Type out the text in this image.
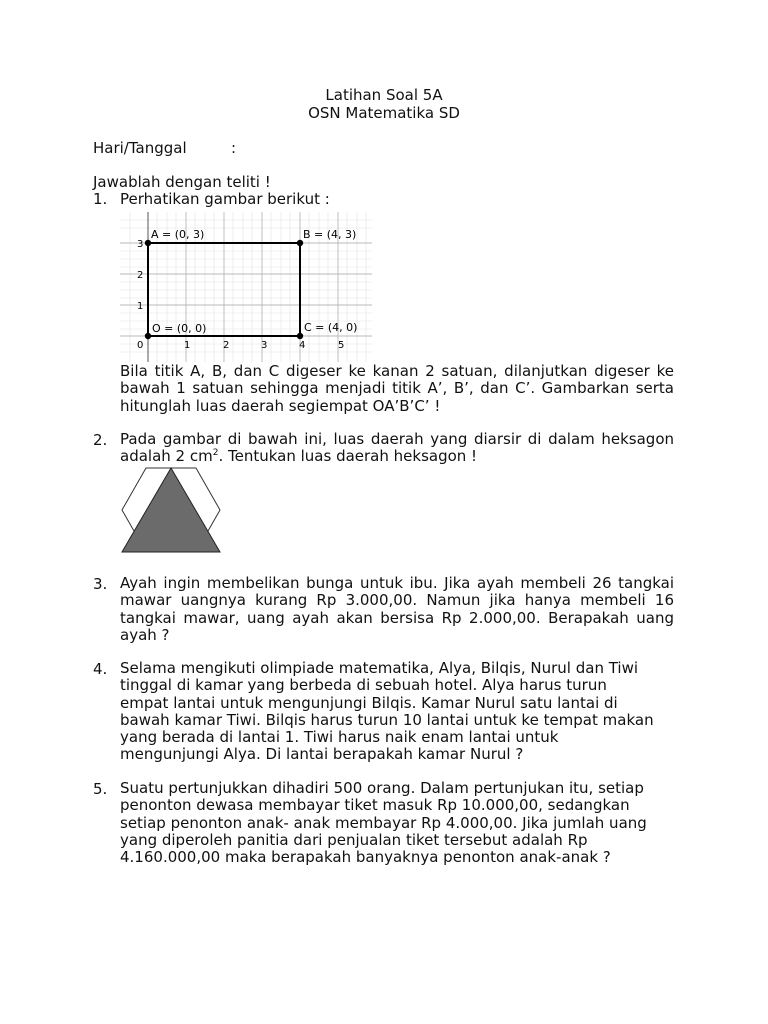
Latihan Soal 5A
OSN Matematika SD
Hari/Tanggal	:
Jawablah dengan teliti !
1. Perhatikan gambar berikut :
A = (0, 3)	B = (4, 3)
C = (4, 0)
O = (0, 0)
3
2
1
0	1	2	3	4	5
Bila titik A, B, dan C digeser ke kanan 2 satuan, dilanjutkan digeser ke bawah 1 satuan sehingga menjadi titik A’, B’, dan C’. Gambarkan serta hitunglah luas daerah segiempat OA’B’C’ !
2. Pada gambar di bawah ini, luas daerah yang diarsir di dalam heksagon adalah 2 $cm^2$. Tentukan luas daerah heksagon !
3. Ayah ingin membelikan bunga untuk ibu. Jika ayah membeli 26 tangkai mawar uangnya kurang Rp 3.000,00. Namun jika hanya membeli 16 tangkai mawar, uang ayah akan bersisa Rp 2.000,00. Berapakah uang ayah ?
4. Selama mengikuti olimpiade matematika, Alya, Bilqis, Nurul dan Tiwi
tinggal di kamar yang berbeda di sebuah hotel. Alya harus turun
empat lantai untuk mengunjungi Bilqis. Kamar Nurul satu lantai di
bawah kamar Tiwi. Bilqis harus turun 10 lantai untuk ke tempat makan
yang berada di lantai 1. Tiwi harus naik enam lantai untuk
mengunjungi Alya. Di lantai berapakah kamar Nurul ?
5. Suatu pertunjukkan dihadiri 500 orang. Dalam pertunjukan itu, setiap
penonton dewasa membayar tiket masuk Rp 10.000,00, sedangkan
setiap penonton anak- anak membayar Rp 4.000,00. Jika jumlah uang
yang diperoleh panitia dari penjualan tiket tersebut adalah Rp
4.160.000,00 maka berapakah banyaknya penonton anak-anak ?
